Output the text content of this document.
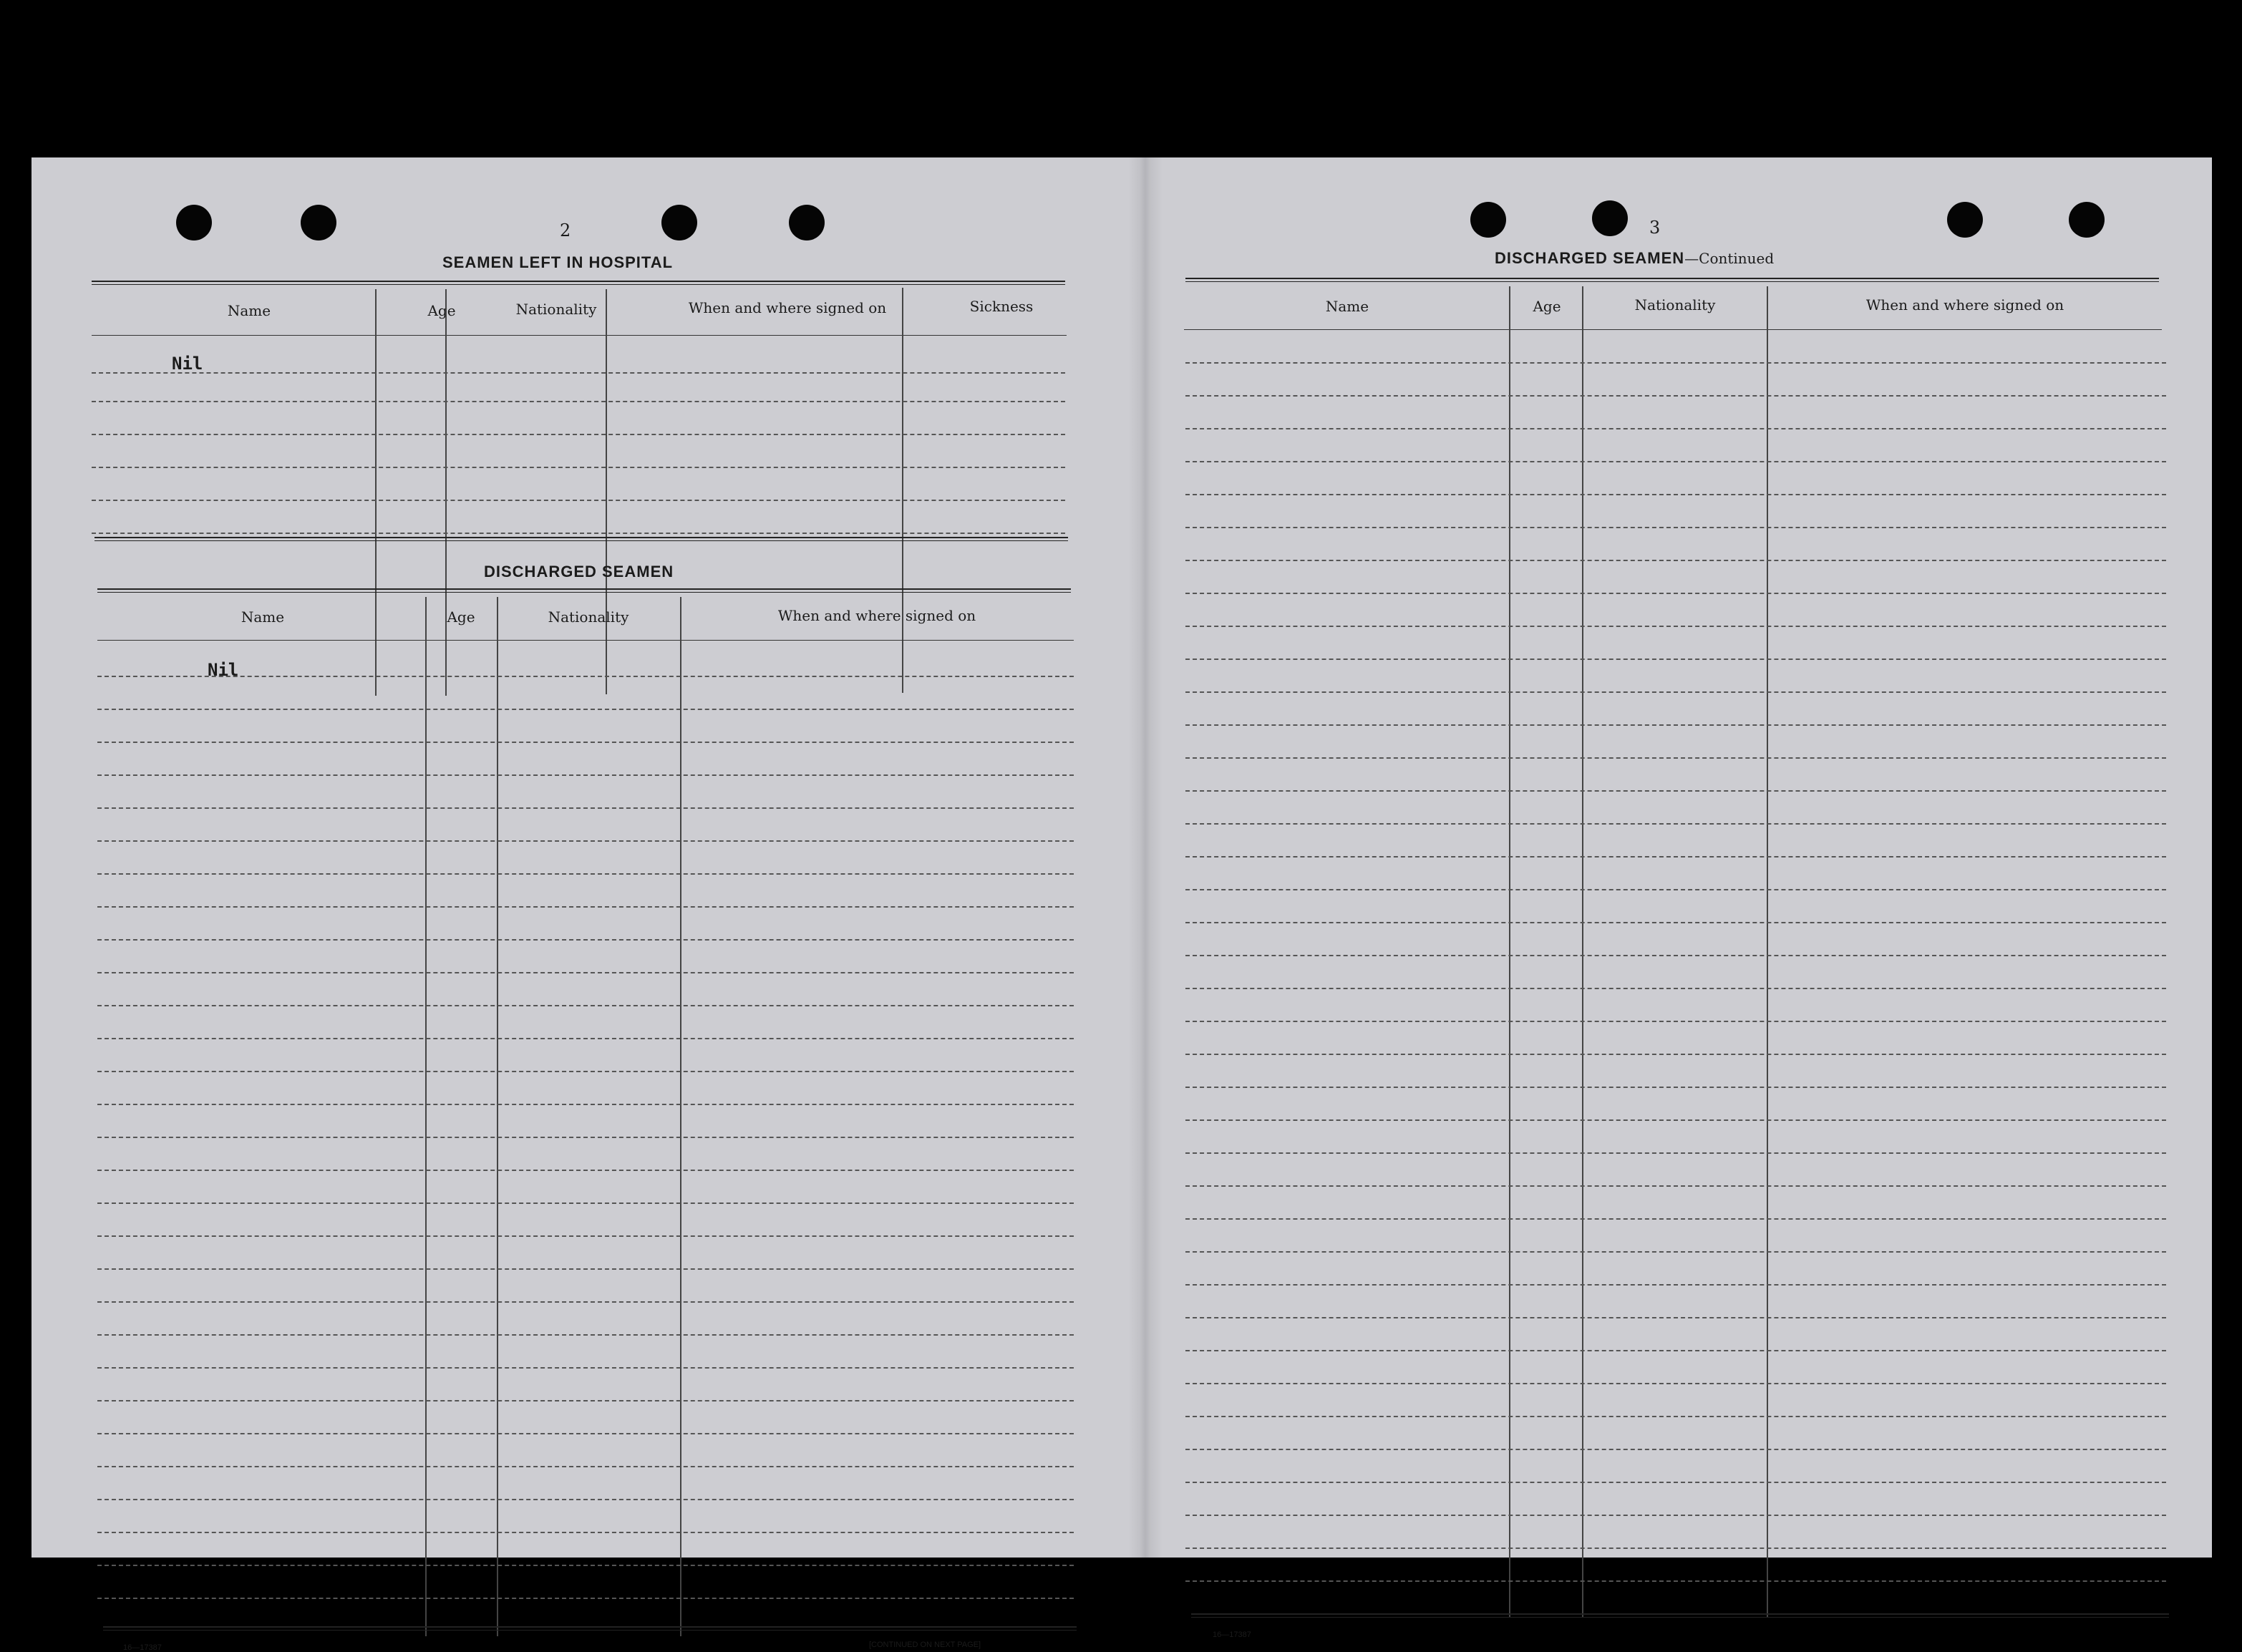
2
SEAMEN LEFT IN HOSPITAL
Name	Age	Nationality	When and where signed on	Sickness
Nil
DISCHARGED SEAMEN
Name	Age	Nationality	When and where signed on
Nil
16—17387	[CONTINUED ON NEXT PAGE]
3
DISCHARGED SEAMEN—Continued
Name	Age	Nationality	When and where signed on
16—17387
